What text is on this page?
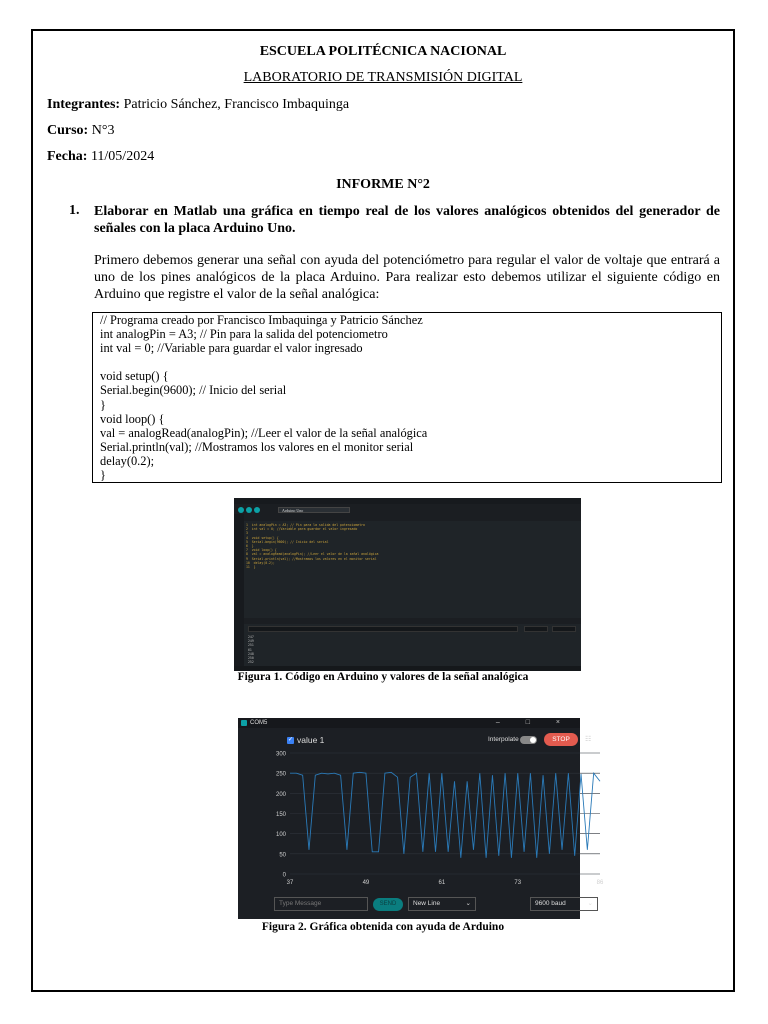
ESCUELA POLITÉCNICA NACIONAL
LABORATORIO DE TRANSMISIÓN DIGITAL
Integrantes: Patricio Sánchez, Francisco Imbaquinga
Curso: N°3
Fecha: 11/05/2024
INFORME N°2
1. Elaborar en Matlab una gráfica en tiempo real de los valores analógicos obtenidos del generador de señales con la placa Arduino Uno.
Primero debemos generar una señal con ayuda del potenciómetro para regular el valor de voltaje que entrará a uno de los pines analógicos de la placa Arduino. Para realizar esto debemos utilizar el siguiente código en Arduino que registre el valor de la señal analógica:
// Programa creado por Francisco Imbaquinga y Patricio Sánchez
int analogPin = A3; // Pin para la salida del potenciometro
int val = 0; //Variable para guardar el valor ingresado

void setup() {
Serial.begin(9600); // Inicio del serial
}
void loop() {
val = analogRead(analogPin); //Leer el valor de la señal analógica
Serial.println(val); //Mostramos los valores en el monitor serial
delay(0.2);
}
Arduino Uno
1  int analogPin = A3; // Pin para la salida del potenciometro
2  int val = 0; //Variable para guardar el valor ingresado
3
4  void setup() {
5  Serial.begin(9600); // Inicio del serial
6  }
7  void loop() {
8  val = analogRead(analogPin); //Leer el valor de la señal analógica
9  Serial.println(val); //Mostramos los valores en el monitor serial
10  delay(0.2);
11  }
247
249
251
61
248
250
252
Figura 1. Código en Arduino y valores de la señal analógica
COM5	– □ ×
✓ value 1	Interpolate	STOP	☷
0
50
100
150
200
250
300
37	49	61	73	86
Type Message	SEND	New Line	⌄	9600 baud	⌄
Figura 2. Gráfica obtenida con ayuda de Arduino
